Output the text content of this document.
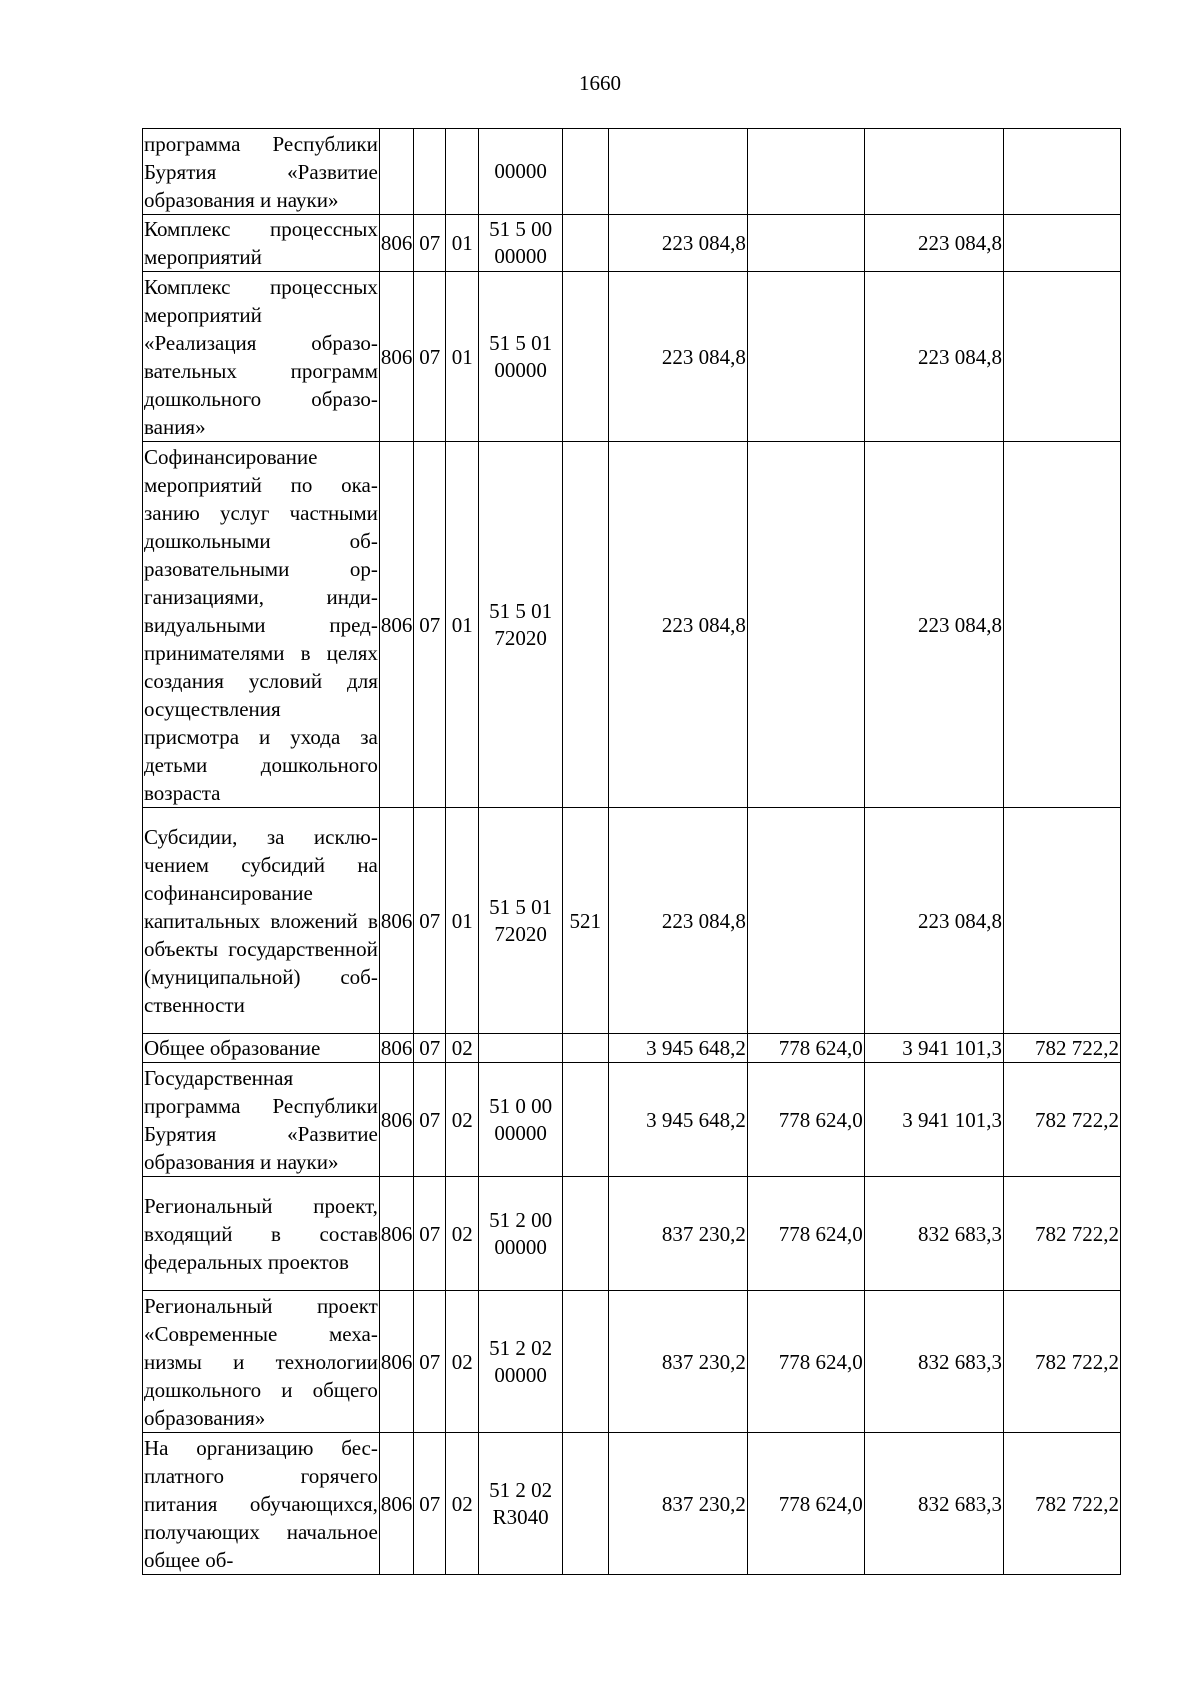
1660
программа Республики Бурятия «Развитие образования и науки»				00000					
Комплекс процессных мероприятий	806	07	01	51 5 00 00000		223 084,8		223 084,8	
Комплекс процессных мероприятий «Реализация образовательных программ дошкольного образования»	806	07	01	51 5 01 00000		223 084,8		223 084,8	
Софинансирование мероприятий по оказанию услуг частными дошкольными образовательными организациями, индивидуальными предпринимателями в целях создания условий для осуществления присмотра и ухода за детьми дошкольного возраста	806	07	01	51 5 01 72020		223 084,8		223 084,8	
Субсидии, за исключением субсидий на софинансирование капитальных вложений в объекты государственной (муниципальной) собственности	806	07	01	51 5 01 72020	521	223 084,8		223 084,8	
Общее образование	806	07	02			3 945 648,2	778 624,0	3 941 101,3	782 722,2
Государственная программа Республики Бурятия «Развитие образования и науки»	806	07	02	51 0 00 00000		3 945 648,2	778 624,0	3 941 101,3	782 722,2
Региональный проект, входящий в состав федеральных проектов	806	07	02	51 2 00 00000		837 230,2	778 624,0	832 683,3	782 722,2
Региональный проект «Современные механизмы и технологии дошкольного и общего образования»	806	07	02	51 2 02 00000		837 230,2	778 624,0	832 683,3	782 722,2
На организацию бесплатного горячего питания обучающихся, получающих начальное общее об-	806	07	02	51 2 02 R3040		837 230,2	778 624,0	832 683,3	782 722,2
